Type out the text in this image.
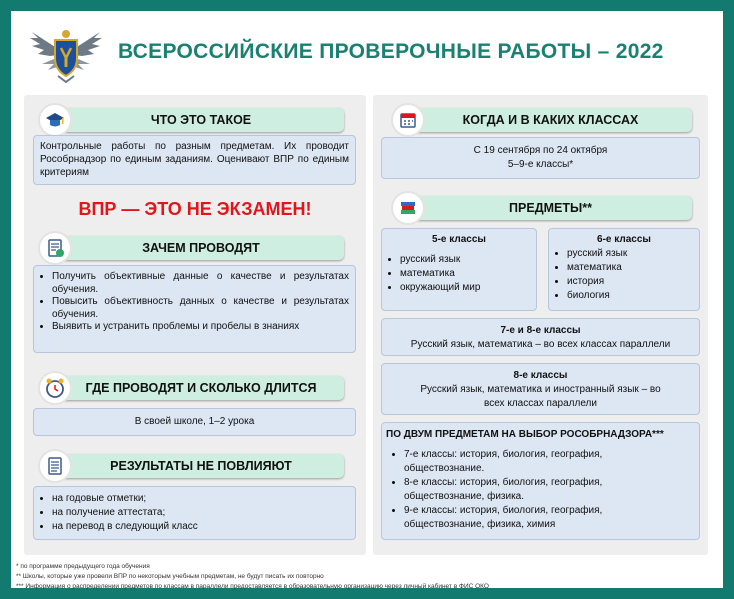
ВСЕРОССИЙСКИЕ ПРОВЕРОЧНЫЕ РАБОТЫ – 2022
ЧТО ЭТО ТАКОЕ
Контрольные работы по разным предметам. Их проводит Рособрнадзор по единым заданиям. Оценивают ВПР по единым критериям
ВПР — ЭТО НЕ ЭКЗАМЕН!
ЗАЧЕМ ПРОВОДЯТ
• Получить объективные данные о качестве и результатах обучения.
• Повысить объективность данных о качестве и результатах обучения.
• Выявить и устранить проблемы и пробелы в знаниях
ГДЕ ПРОВОДЯТ И СКОЛЬКО ДЛИТСЯ
В своей школе, 1–2 урока
РЕЗУЛЬТАТЫ НЕ ПОВЛИЯЮТ
• на годовые отметки;
• на получение аттестата;
• на перевод в следующий класс
КОГДА И В КАКИХ КЛАССАХ
С 19 сентября по 24 октября
5–9-е классы*
ПРЕДМЕТЫ**
5-е классы
• русский язык
• математика
• окружающий мир
6-е классы
• русский язык
• математика
• история
• биология
7-е и 8-е классы
Русский язык, математика – во всех классах параллели
8-е классы
Русский язык, математика и иностранный язык – во всех классах параллели
ПО ДВУМ ПРЕДМЕТАМ НА ВЫБОР РОСОБРНАДЗОРА***
• 7-е классы: история, биология, география, обществознание.
• 8-е классы: история, биология, география, обществознание, физика.
• 9-е классы: история, биология, география, обществознание, физика, химия
* по программе предыдущего года обучения
** Школы, которые уже провели ВПР по некоторым учебным предметам, не будут писать их повторно
*** Информация о распределении предметов по классам в параллели предоставляется в образовательную организацию через личный кабинет в ФИС ОКО
